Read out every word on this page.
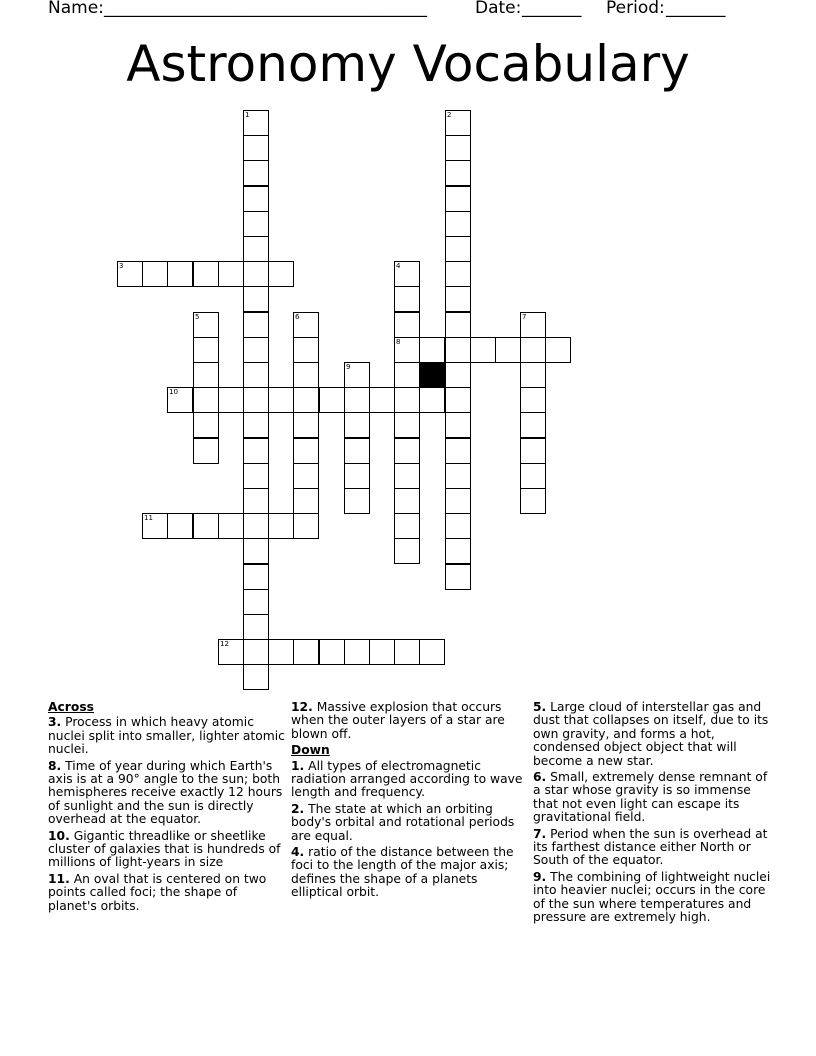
Name: ______________________________________	Date: _______ Period: _______
Astronomy Vocabulary
1	2
3	4
8
5	6	7
9
10
11
12
Across
3. Process in which heavy atomic nuclei split into smaller, lighter atomic nuclei.
8. Time of year during which Earth's axis is at a 90° angle to the sun; both hemispheres receive exactly 12 hours of sunlight and the sun is directly overhead at the equator.
10. Gigantic threadlike or sheetlike cluster of galaxies that is hundreds of millions of light-years in size
11. An oval that is centered on two points called foci; the shape of planet's orbits.
12. Massive explosion that occurs when the outer layers of a star are blown off.
Down
1. All types of electromagnetic radiation arranged according to wave length and frequency.
2. The state at which an orbiting body's orbital and rotational periods are equal.
4. ratio of the distance between the foci to the length of the major axis; defines the shape of a planets elliptical orbit.
5. Large cloud of interstellar gas and dust that collapses on itself, due to its own gravity, and forms a hot, condensed object object that will become a new star.
6. Small, extremely dense remnant of a star whose gravity is so immense that not even light can escape its gravitational field.
7. Period when the sun is overhead at its farthest distance either North or South of the equator.
9. The combining of lightweight nuclei into heavier nuclei; occurs in the core of the sun where temperatures and pressure are extremely high.
